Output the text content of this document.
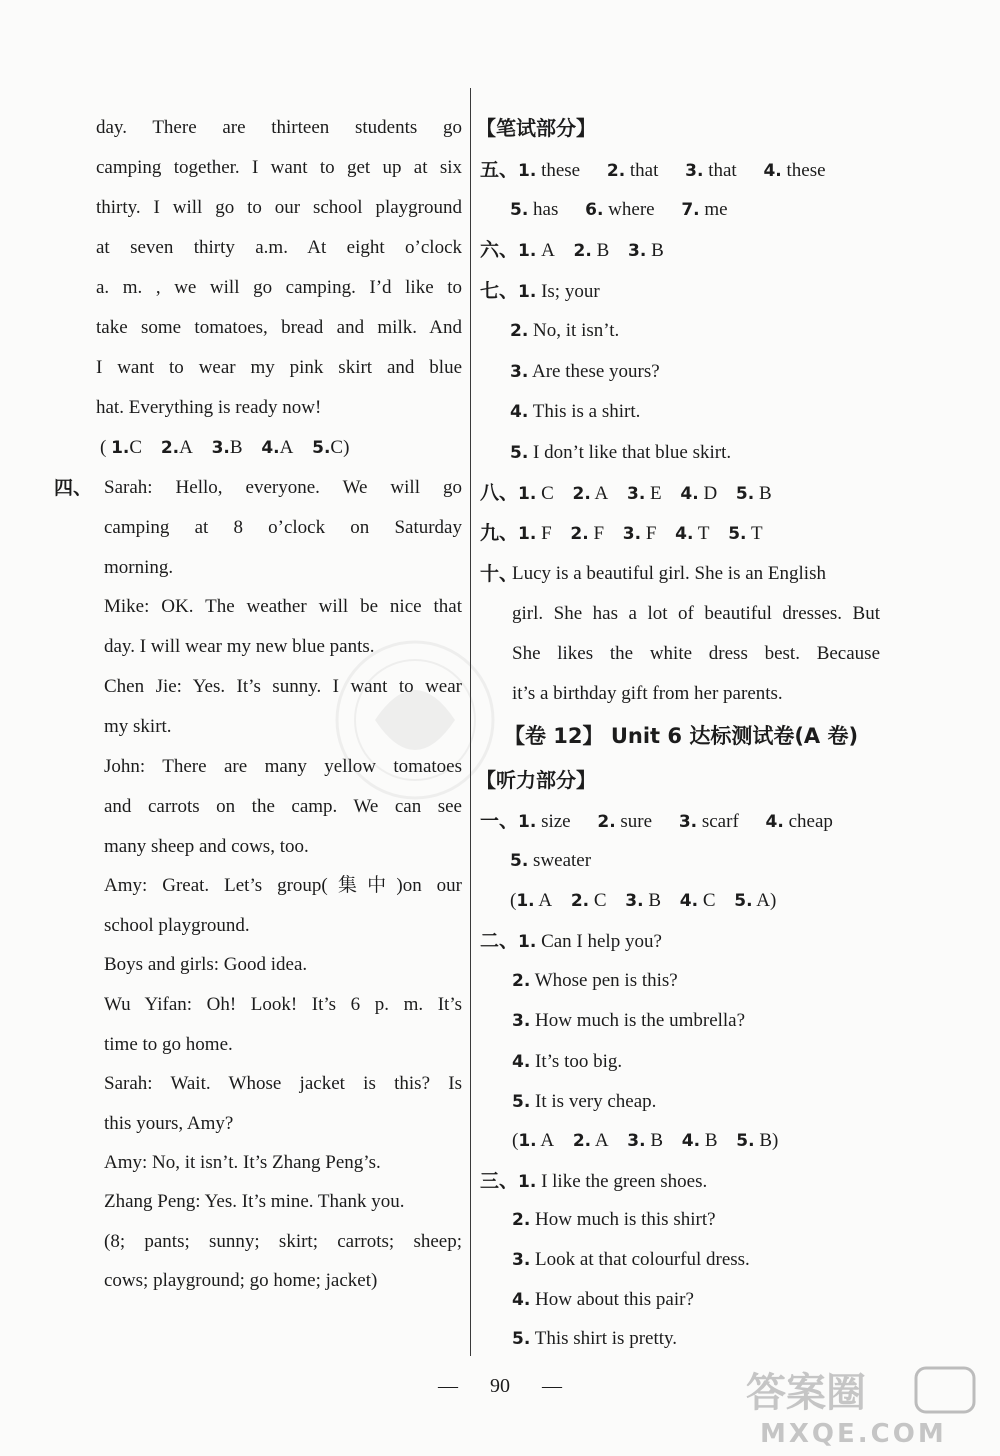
day. There are thirteen students go
camping together. I want to get up at six
thirty. I will go to our school playground
at seven thirty a.m. At eight o’clock
a. m. , we will go camping. I’d like to
take some tomatoes, bread and milk. And
I want to wear my pink skirt and blue
hat. Everything is ready now!
( 1.C 2.A 3.B 4.A 5.C)
四、 Sarah: Hello, everyone. We will go
camping at 8 o’clock on Saturday
morning.
Mike: OK. The weather will be nice that
day. I will wear my new blue pants.
Chen Jie: Yes. It’s sunny. I want to wear
my skirt.
John: There are many yellow tomatoes
and carrots on the camp. We can see
many sheep and cows, too.
Amy: Great. Let’s group(集中)on our
school playground.
Boys and girls: Good idea.
Wu Yifan: Oh! Look! It’s 6 p. m. It’s
time to go home.
Sarah: Wait. Whose jacket is this? Is
this yours, Amy?
Amy: No, it isn’t. It’s Zhang Peng’s.
Zhang Peng: Yes. It’s mine. Thank you.
(8; pants; sunny; skirt; carrots; sheep;
cows; playground; go home; jacket)
【笔试部分】
五、1. these 2. that 3. that 4. these
5. has 6. where 7. me
六、1. A 2. B 3. B
七、1. Is; your
2. No, it isn’t.
3. Are these yours?
4. This is a shirt.
5. I don’t like that blue skirt.
八、1. C 2. A 3. E 4. D 5. B
九、1. F 2. F 3. F 4. T 5. T
十、
Lucy is a beautiful girl. She is an English
girl. She has a lot of beautiful dresses. But
She likes the white dress best. Because
it’s a birthday gift from her parents.
【卷 12】 Unit 6 达标测试卷(A 卷)
【听力部分】
一、1. size 2. sure 3. scarf 4. cheap
5. sweater
(1. A 2. C 3. B 4. C 5. A)
二、1. Can I help you?
2. Whose pen is this?
3. How much is the umbrella?
4. It’s too big.
5. It is very cheap.
(1. A 2. A 3. B 4. B 5. B)
三、1. I like the green shoes.
2. How much is this shirt?
3. Look at that colourful dress.
4. How about this pair?
5. This shirt is pretty.
— 90 —	答案圈
MXQE.COM
